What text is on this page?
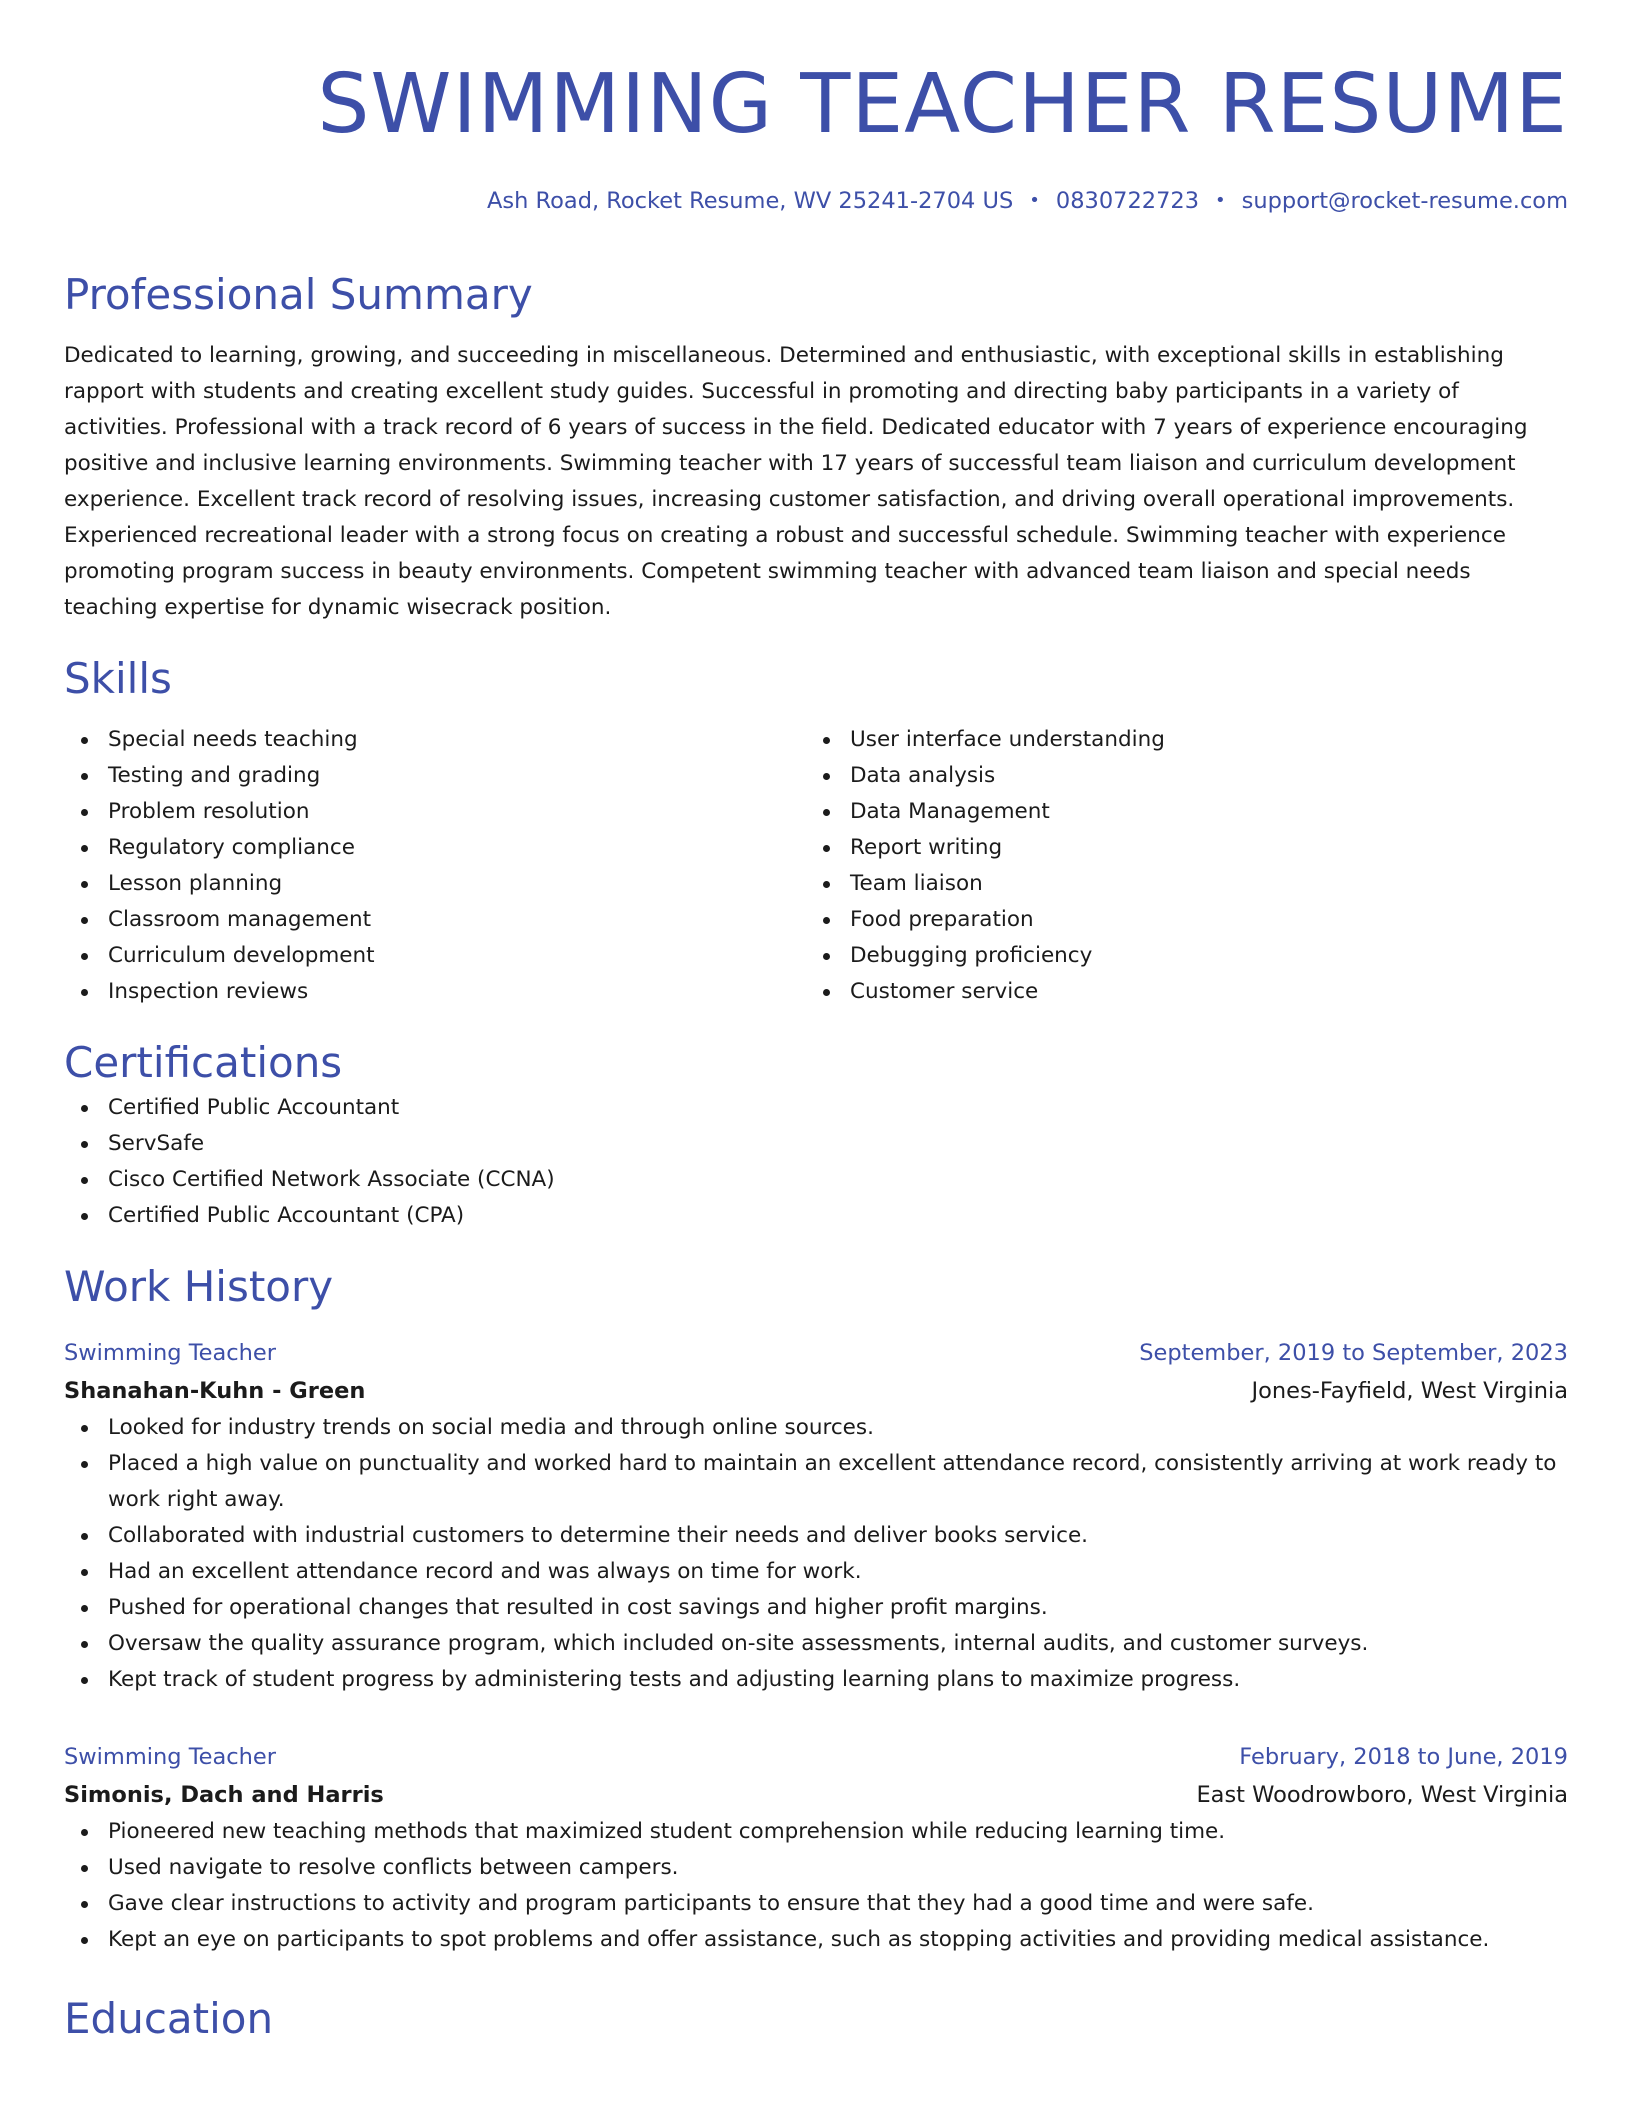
SWIMMING TEACHER RESUME
Ash Road, Rocket Resume, WV 25241-2704 US • 0830722723 • support@rocket-resume.com
Professional Summary

Dedicated to learning, growing, and succeeding in miscellaneous. Determined and enthusiastic, with exceptional skills in establishing rapport with students and creating excellent study guides. Successful in promoting and directing baby participants in a variety of activities. Professional with a track record of 6 years of success in the field. Dedicated educator with 7 years of experience encouraging positive and inclusive learning environments. Swimming teacher with 17 years of successful team liaison and curriculum development experience. Excellent track record of resolving issues, increasing customer satisfaction, and driving overall operational improvements. Experienced recreational leader with a strong focus on creating a robust and successful schedule. Swimming teacher with experience promoting program success in beauty environments. Competent swimming teacher with advanced team liaison and special needs teaching expertise for dynamic wisecrack position.

Skills
Special needs teaching
Testing and grading
Problem resolution
Regulatory compliance
Lesson planning
Classroom management
Curriculum development
Inspection reviews
User interface understanding
Data analysis
Data Management
Report writing
Team liaison
Food preparation
Debugging proficiency
Customer service
Certifications
Certified Public Accountant
ServSafe
Cisco Certified Network Associate (CCNA)
Certified Public Accountant (CPA)
Work History
Swimming Teacher	September, 2019 to September, 2023
Shanahan-Kuhn - Green	Jones-Fayfield, West Virginia
Looked for industry trends on social media and through online sources.
Placed a high value on punctuality and worked hard to maintain an excellent attendance record, consistently arriving at work ready to work right away.
Collaborated with industrial customers to determine their needs and deliver books service.
Had an excellent attendance record and was always on time for work.
Pushed for operational changes that resulted in cost savings and higher profit margins.
Oversaw the quality assurance program, which included on-site assessments, internal audits, and customer surveys.
Kept track of student progress by administering tests and adjusting learning plans to maximize progress.
Swimming Teacher	February, 2018 to June, 2019
Simonis, Dach and Harris	East Woodrowboro, West Virginia
Pioneered new teaching methods that maximized student comprehension while reducing learning time.
Used navigate to resolve conflicts between campers.
Gave clear instructions to activity and program participants to ensure that they had a good time and were safe.
Kept an eye on participants to spot problems and offer assistance, such as stopping activities and providing medical assistance.
Education
